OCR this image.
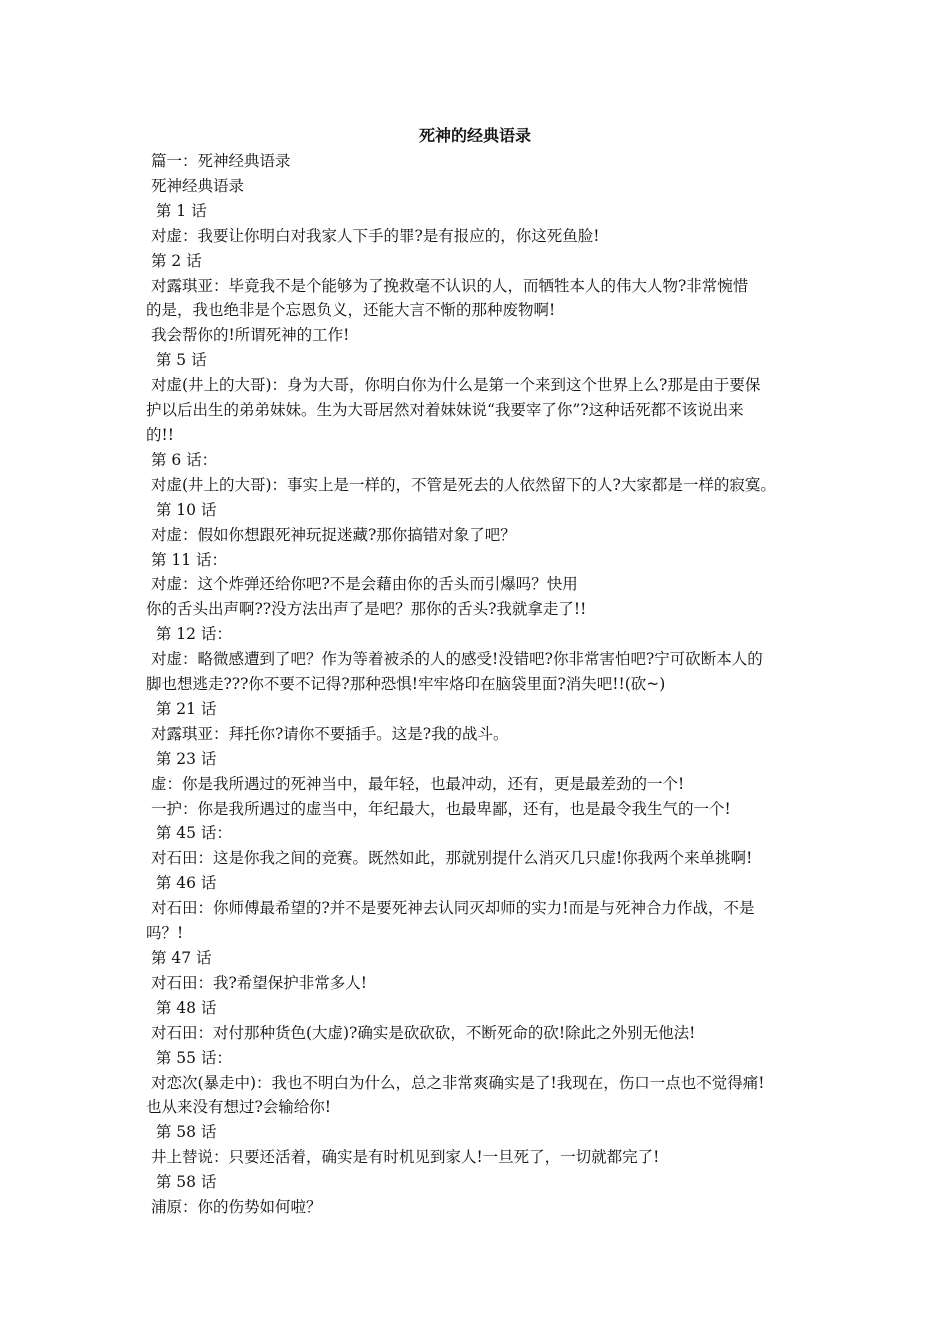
死神的经典语录

篇一：死神经典语录

死神经典语录

第 1 话

对虚：我要让你明白对我家人下手的罪?是有报应的，你这死鱼脸!

第 2 话

对露琪亚：毕竟我不是个能够为了挽救毫不认识的人，而牺牲本人的伟大人物?非常惋惜

的是，我也绝非是个忘恩负义，还能大言不惭的那种废物啊!

我会帮你的!所谓死神的工作!

第 5 话

对虚(井上的大哥)：身为大哥，你明白你为什么是第一个来到这个世界上么?那是由于要保

护以后出生的弟弟妹妹。生为大哥居然对着妹妹说“我要宰了你”?这种话死都不该说出来

的!!

第 6 话：

对虚(井上的大哥)：事实上是一样的，不管是死去的人依然留下的人?大家都是一样的寂寞。

第 10 话

对虚：假如你想跟死神玩捉迷藏?那你搞错对象了吧？

第 11 话：

对虚：这个炸弹还给你吧?不是会藉由你的舌头而引爆吗？快用

你的舌头出声啊??没方法出声了是吧？那你的舌头?我就拿走了!!

第 12 话：

对虚：略微感遭到了吧？作为等着被杀的人的感受!没错吧?你非常害怕吧?宁可砍断本人的

脚也想逃走???你不要不记得?那种恐惧!牢牢烙印在脑袋里面?消失吧!!(砍~)

第 21 话

对露琪亚：拜托你?请你不要插手。这是?我的战斗。

第 23 话

虚：你是我所遇过的死神当中，最年轻，也最冲动，还有，更是最差劲的一个!

一护：你是我所遇过的虚当中，年纪最大，也最卑鄙，还有，也是最令我生气的一个!

第 45 话：

对石田：这是你我之间的竞赛。既然如此，那就别提什么消灭几只虚!你我两个来单挑啊!

第 46 话

对石田：你师傅最希望的?并不是要死神去认同灭却师的实力!而是与死神合力作战，不是

吗？!

第 47 话

对石田：我?希望保护非常多人!

第 48 话

对石田：对付那种货色(大虚)?确实是砍砍砍，不断死命的砍!除此之外别无他法!

第 55 话：

对恋次(暴走中)：我也不明白为什么，总之非常爽确实是了!我现在，伤口一点也不觉得痛!

也从来没有想过?会输给你!

第 58 话

井上替说：只要还活着，确实是有时机见到家人!一旦死了，一切就都完了!

第 58 话

浦原：你的伤势如何啦？
